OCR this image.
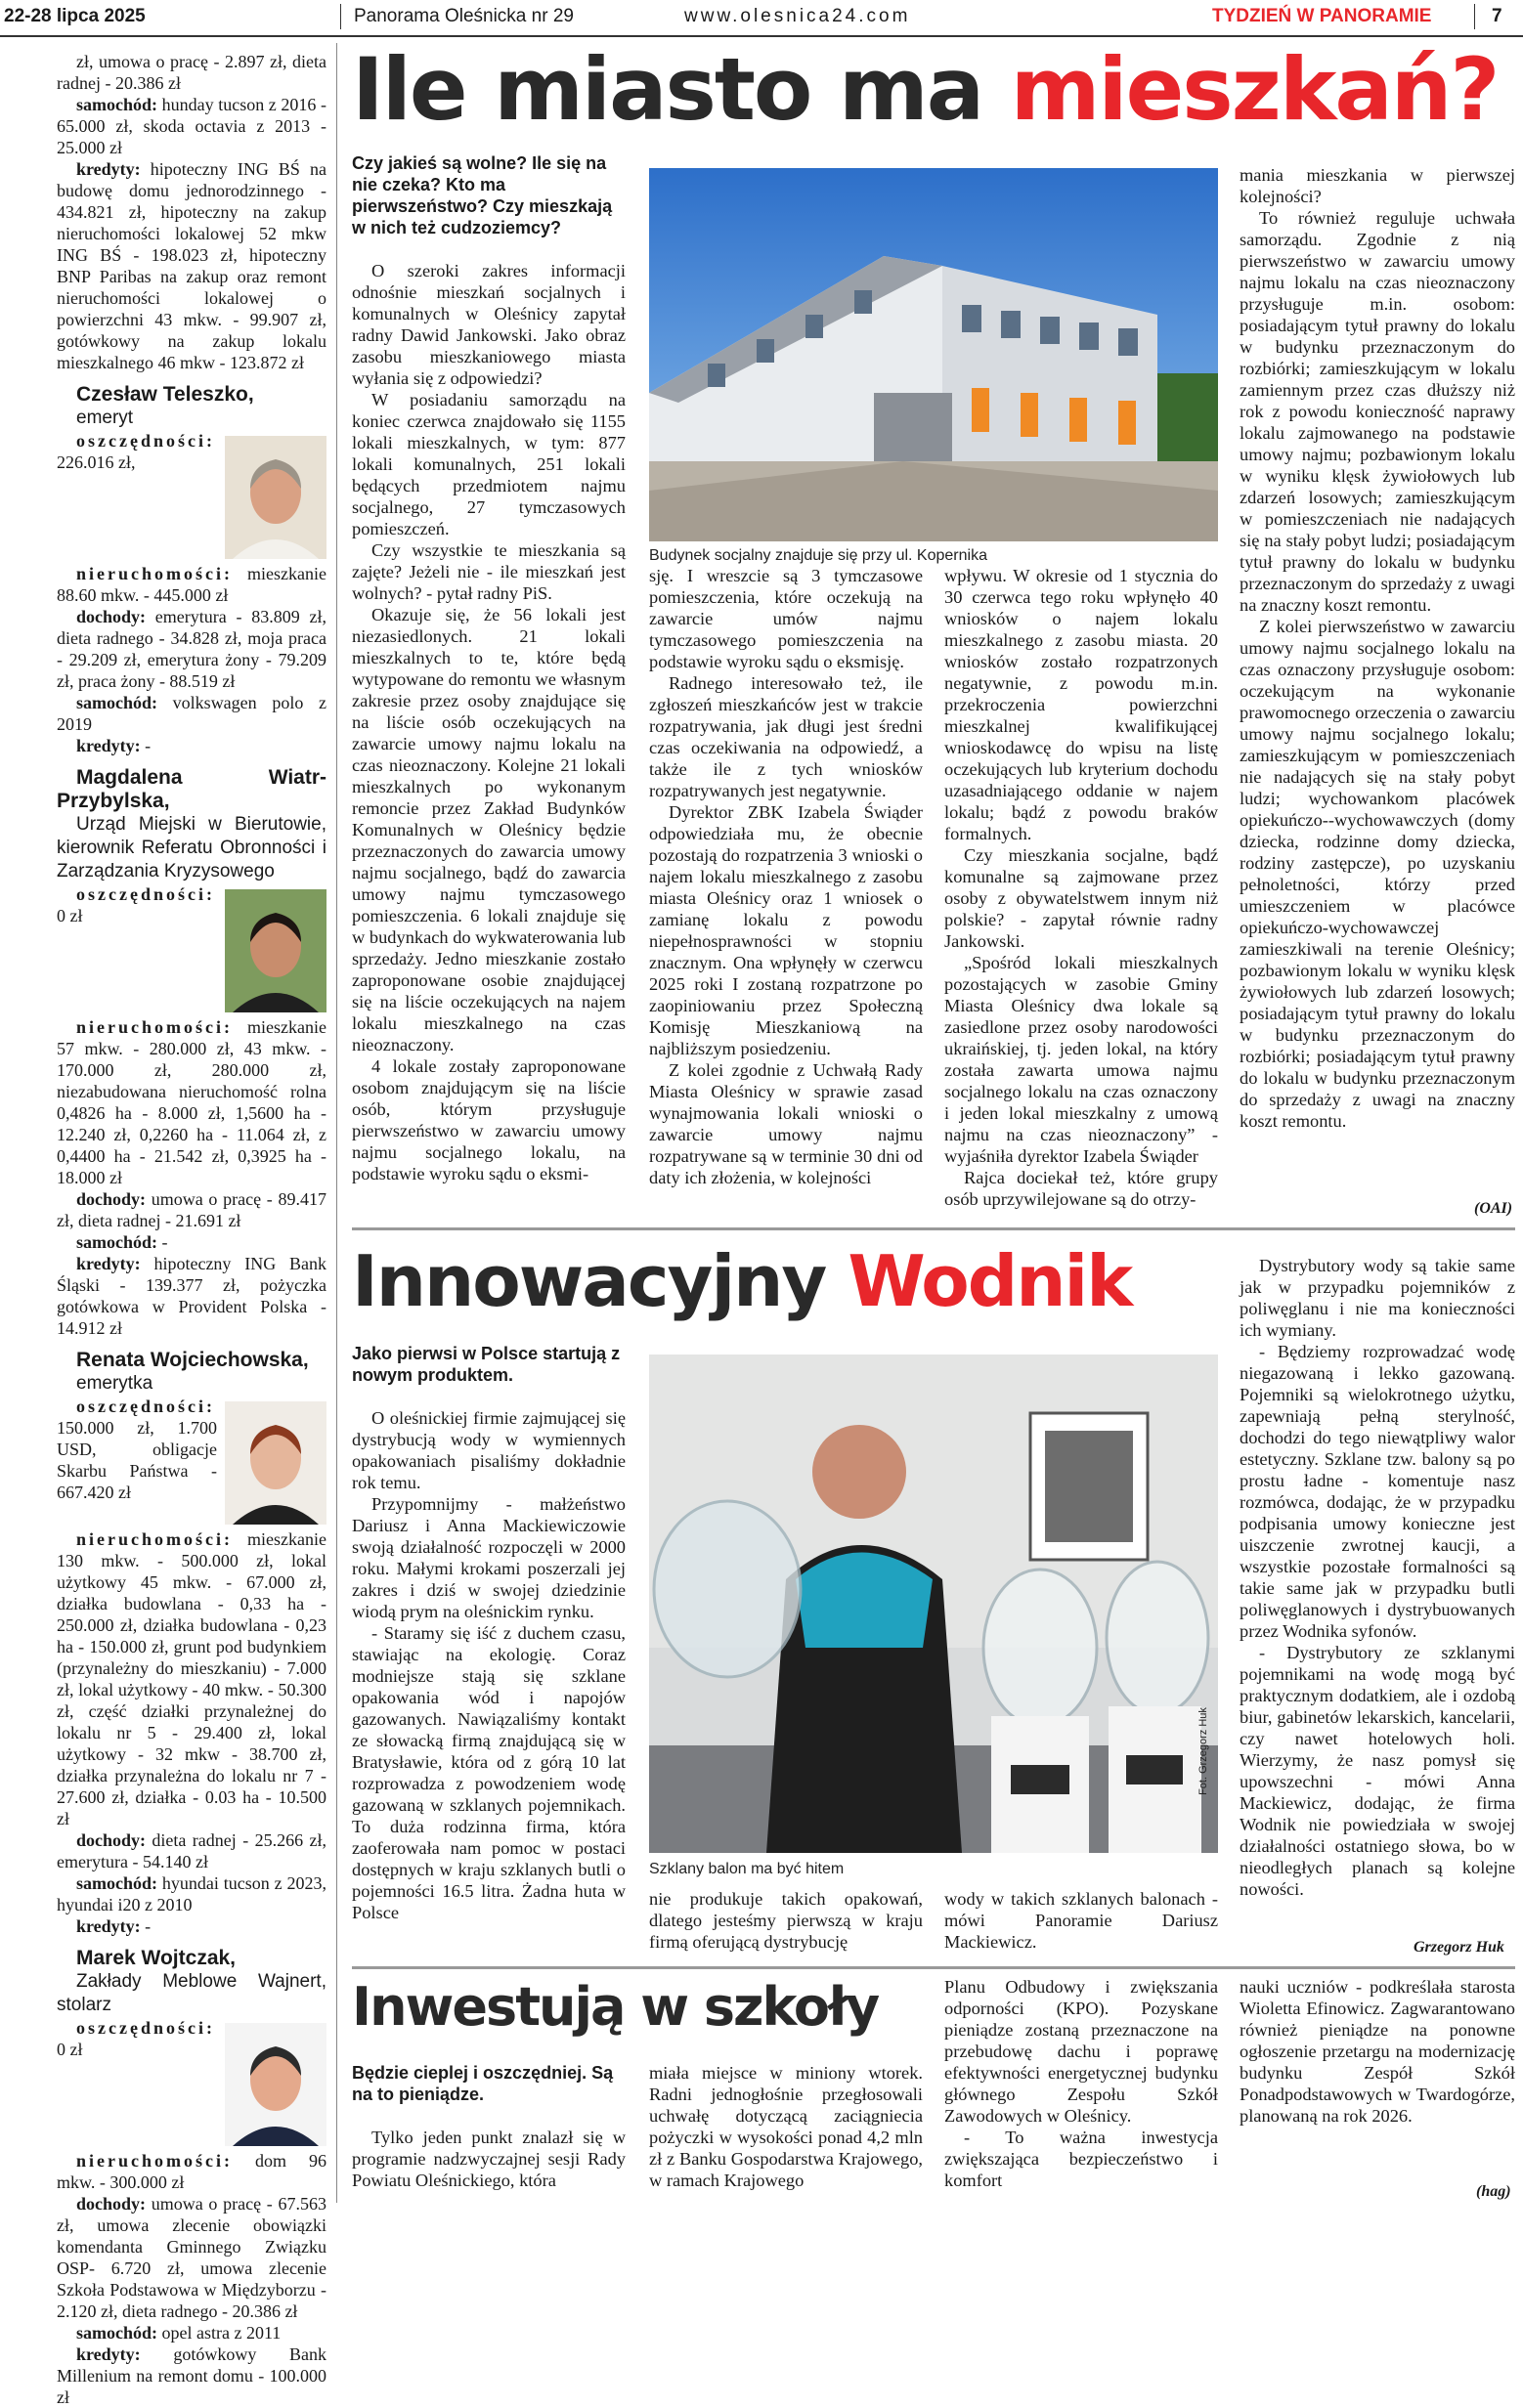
22-28 lipca 2025	Panorama Oleśnicka nr 29	www.olesnica24.com	TYDZIEŃ W PANORAMIE	7

zł, umowa o pracę - 2.897 zł, dieta radnej - 20.386 zł

samochód: hunday tucson z 2016 - 65.000 zł, skoda octavia z 2013 - 25.000 zł

kredyty: hipoteczny ING BŚ na budowę domu jednorodzinnego - 434.821 zł, hipoteczny na zakup nieruchomości lokalowej 52 mkw ING BŚ - 198.023 zł, hipoteczny BNP Paribas na zakup oraz remont nieruchomości lokalowej o powierzchni 43 mkw. - 99.907 zł, gotówkowy na zakup lokalu mieszkalnego 46 mkw - 123.872 zł

Czesław Teleszko,

emeryt

oszczędności: 226.016 zł,

nieruchomości: mieszkanie 88.60 mkw. - 445.000 zł

dochody: emerytura - 83.809 zł, dieta radnego - 34.828 zł, moja praca - 29.209 zł, emerytura żony - 79.209 zł, praca żony - 88.519 zł

samochód: volkswagen polo z 2019

kredyty: -

Magdalena Wiatr-Przybylska,

Urząd Miejski w Bierutowie, kierownik Referatu Obronności i Zarządzania Kryzysowego

oszczędności: 0 zł

nieruchomości: mieszkanie 57 mkw. - 280.000 zł, 43 mkw. - 170.000 zł, 280.000 zł, niezabudowana nieruchomość rolna 0,4826 ha - 8.000 zł, 1,5600 ha - 12.240 zł, 0,2260 ha - 11.064 zł, z 0,4400 ha - 21.542 zł, 0,3925 ha - 18.000 zł

dochody: umowa o pracę - 89.417 zł, dieta radnej - 21.691 zł

samochód: -

kredyty: hipoteczny ING Bank Śląski - 139.377 zł, pożyczka gotówkowa w Provident Polska - 14.912 zł

Renata Wojciechowska,

emerytka

oszczędności: 150.000 zł, 1.700 USD, obligacje Skarbu Państwa - 667.420 zł

nieruchomości: mieszkanie 130 mkw. - 500.000 zł, lokal użytkowy 45 mkw. - 67.000 zł, działka budowlana - 0,33 ha - 250.000 zł, działka budowlana - 0,23 ha - 150.000 zł, grunt pod budynkiem (przynależny do mieszkaniu) - 7.000 zł, lokal użytkowy - 40 mkw. - 50.300 zł, część działki przynależnej do lokalu nr 5 - 29.400 zł, lokal użytkowy - 32 mkw - 38.700 zł, działka przynależna do lokalu nr 7 - 27.600 zł, działka - 0.03 ha - 10.500 zł

dochody: dieta radnej - 25.266 zł, emerytura - 54.140 zł

samochód: hyundai tucson z 2023, hyundai i20 z 2010

kredyty: -

Marek Wojtczak,

Zakłady Meblowe Wajnert, stolarz

oszczędności: 0 zł

nieruchomości: dom 96 mkw. - 300.000 zł

dochody: umowa o pracę - 67.563 zł, umowa zlecenie obowiązki komendanta Gminnego Związku OSP- 6.720 zł, umowa zlecenie Szkoła Podstawowa w Międzyborzu - 2.120 zł, dieta radnego - 20.386 zł

samochód: opel astra z 2011

kredyty: gotówkowy Bank Millenium na remont domu - 100.000 zł

Ile miasto ma mieszkań?

Czy jakieś są wolne? Ile się na nie czeka? Kto ma pierwszeństwo? Czy mieszkają w nich też cudzoziemcy?

O szeroki zakres informacji odnośnie mieszkań socjalnych i komunalnych w Oleśnicy zapytał radny Dawid Jankowski. Jako obraz zasobu mieszkaniowego miasta wyłania się z odpowiedzi?

W posiadaniu samorządu na koniec czerwca znajdowało się 1155 lokali mieszkalnych, w tym: 877 lokali komunalnych, 251 lokali będących przedmiotem najmu socjalnego, 27 tymczasowych pomieszczeń.

Czy wszystkie te mieszkania są zajęte? Jeżeli nie - ile mieszkań jest wolnych? - pytał radny PiS.

Okazuje się, że 56 lokali jest niezasiedlonych. 21 lokali mieszkalnych to te, które będą wytypowane do remontu we własnym zakresie przez osoby znajdujące się na liście osób oczekujących na zawarcie umowy najmu lokalu na czas nieoznaczony. Kolejne 21 lokali mieszkalnych po wykonanym remoncie przez Zakład Budynków Komunalnych w Oleśnicy będzie przeznaczonych do zawarcia umowy najmu socjalnego, bądź do zawarcia umowy najmu tymczasowego pomieszczenia. 6 lokali znajduje się w budynkach do wykwaterowania lub sprzedaży. Jedno mieszkanie zostało zaproponowane osobie znajdującej się na liście oczekujących na najem lokalu mieszkalnego na czas nieoznaczony.

4 lokale zostały zaproponowane osobom znajdującym się na liście osób, którym przysługuje pierwszeństwo w zawarciu umowy najmu socjalnego lokalu, na podstawie wyroku sądu o eksmi-

Budynek socjalny znajduje się przy ul. Kopernika

sję. I wreszcie są 3 tymczasowe pomieszczenia, które oczekują na zawarcie umów najmu tymczasowego pomieszczenia na podstawie wyroku sądu o eksmisję.

Radnego interesowało też, ile zgłoszeń mieszkańców jest w trakcie rozpatrywania, jak długi jest średni czas oczekiwania na odpowiedź, a także ile z tych wniosków rozpatrywanych jest negatywnie.

Dyrektor ZBK Izabela Świąder odpowiedziała mu, że obecnie pozostają do rozpatrzenia 3 wnioski o najem lokalu mieszkalnego z zasobu miasta Oleśnicy oraz 1 wniosek o zamianę lokalu z powodu niepełnosprawności w stopniu znacznym. Ona wpłynęły w czerwcu 2025 roki I zostaną rozpatrzone po zaopiniowaniu przez Społeczną Komisję Mieszkaniową na najbliższym posiedzeniu.

Z kolei zgodnie z Uchwałą Rady Miasta Oleśnicy w sprawie zasad wynajmowania lokali wnioski o zawarcie umowy najmu rozpatrywane są w terminie 30 dni od daty ich złożenia, w kolejności

wpływu. W okresie od 1 stycznia do 30 czerwca tego roku wpłynęło 40 wniosków o najem lokalu mieszkalnego z zasobu miasta. 20 wniosków zostało rozpatrzonych negatywnie, z powodu m.in. przekroczenia powierzchni mieszkalnej kwalifikującej wnioskodawcę do wpisu na listę oczekujących lub kryterium dochodu uzasadniającego oddanie w najem lokalu; bądź z powodu braków formalnych.

Czy mieszkania socjalne, bądź komunalne są zajmowane przez osoby z obywatelstwem innym niż polskie? - zapytał równie radny Jankowski.

„Spośród lokali mieszkalnych pozostających w zasobie Gminy Miasta Oleśnicy dwa lokale są zasiedlone przez osoby narodowości ukraińskiej, tj. jeden lokal, na który została zawarta umowa najmu socjalnego lokalu na czas oznaczony i jeden lokal mieszkalny z umową najmu na czas nieoznaczony” - wyjaśniła dyrektor Izabela Świąder

Rajca dociekał też, które grupy osób uprzywilejowane są do otrzy-

mania mieszkania w pierwszej kolejności?

To również reguluje uchwała samorządu. Zgodnie z nią pierwszeństwo w zawarciu umowy najmu lokalu na czas nieoznaczony przysługuje m.in. osobom: posiadającym tytuł prawny do lokalu w budynku przeznaczonym do rozbiórki; zamieszkującym w lokalu zamiennym przez czas dłuższy niż rok z powodu konieczność naprawy lokalu zajmowanego na podstawie umowy najmu; pozbawionym lokalu w wyniku klęsk żywiołowych lub zdarzeń losowych; zamieszkującym w pomieszczeniach nie nadających się na stały pobyt ludzi; posiadającym tytuł prawny do lokalu w budynku przeznaczonym do sprzedaży z uwagi na znaczny koszt remontu.

Z kolei pierwszeństwo w zawarciu umowy najmu socjalnego lokalu na czas oznaczony przysługuje osobom: oczekującym na wykonanie prawomocnego orzeczenia o zawarciu umowy najmu socjalnego lokalu; zamieszkującym w pomieszczeniach nie nadających się na stały pobyt ludzi; wychowankom placówek opiekuńczo--wychowawczych (domy dziecka, rodzinne domy dziecka, rodziny zastępcze), po uzyskaniu pełnoletności, którzy przed umieszczeniem w placówce opiekuńczo-wychowawczej zamieszkiwali na terenie Oleśnicy; pozbawionym lokalu w wyniku klęsk żywiołowych lub zdarzeń losowych; posiadającym tytuł prawny do lokalu w budynku przeznaczonym do rozbiórki; posiadającym tytuł prawny do lokalu w budynku przeznaczonym do sprzedaży z uwagi na znaczny koszt remontu.

(OAI)
Innowacyjny Wodnik

Jako pierwsi w Polsce startują z nowym produktem.

O oleśnickiej firmie zajmującej się dystrybucją wody w wymiennych opakowaniach pisaliśmy dokładnie rok temu.

Przypomnijmy - małżeństwo Dariusz i Anna Mackiewiczowie swoją działalność rozpoczęli w 2000 roku. Małymi krokami poszerzali jej zakres i dziś w swojej dziedzinie wiodą prym na oleśnickim rynku.

- Staramy się iść z duchem czasu, stawiając na ekologię. Coraz modniejsze stają się szklane opakowania wód i napojów gazowanych. Nawiązaliśmy kontakt ze słowacką firmą znajdującą się w Bratysławie, która od z górą 10 lat rozprowadza z powodzeniem wodę gazowaną w szklanych pojemnikach. To duża rodzinna firma, która zaoferowała nam pomoc w postaci dostępnych w kraju szklanych butli o pojemności 16.5 litra. Żadna huta w Polsce

Fot. Grzegorz Huk
Szklany balon ma być hitem

nie produkuje takich opakowań, dlatego jesteśmy pierwszą w kraju firmą oferującą dystrybucję

wody w takich szklanych balonach - mówi Panoramie Dariusz Mackiewicz.

Dystrybutory wody są takie same jak w przypadku pojemników z poliwęglanu i nie ma konieczności ich wymiany.

- Będziemy rozprowadzać wodę niegazowaną i lekko gazowaną. Pojemniki są wielokrotnego użytku, zapewniają pełną sterylność, dochodzi do tego niewątpliwy walor estetyczny. Szklane tzw. balony są po prostu ładne - komentuje nasz rozmówca, dodając, że w przypadku podpisania umowy konieczne jest uiszczenie zwrotnej kaucji, a wszystkie pozostałe formalności są takie same jak w przypadku butli poliwęglanowych i dystrybuowanych przez Wodnika syfonów.

- Dystrybutory ze szklanymi pojemnikami na wodę mogą być praktycznym dodatkiem, ale i ozdobą biur, gabinetów lekarskich, kancelarii, czy nawet hotelowych holi. Wierzymy, że nasz pomysł się upowszechni - mówi Anna Mackiewicz, dodając, że firma Wodnik nie powiedziała w swojej działalności ostatniego słowa, bo w nieodległych planach są kolejne nowości.

Grzegorz Huk
Inwestują w szkoły

Będzie cieplej i oszczędniej. Są na to pieniądze.

Tylko jeden punkt znalazł się w programie nadzwyczajnej sesji Rady Powiatu Oleśnickiego, która

miała miejsce w miniony wtorek. Radni jednogłośnie przegłosowali uchwałę dotyczącą zaciągniecia pożyczki w wysokości ponad 4,2 mln zł z Banku Gospodarstwa Krajowego, w ramach Krajowego

Planu Odbudowy i zwiększania odporności (KPO). Pozyskane pieniądze zostaną przeznaczone na przebudowę dachu i poprawę efektywności energetycznej budynku głównego Zespołu Szkół Zawodowych w Oleśnicy.

- To ważna inwestycja zwiększająca bezpieczeństwo i komfort

nauki uczniów - podkreślała starosta Wioletta Efinowicz. Zagwarantowano również pieniądze na ponowne ogłoszenie przetargu na modernizację budynku Zespół Szkół Ponadpodstawowych w Twardogórze, planowaną na rok 2026.

(hag)
